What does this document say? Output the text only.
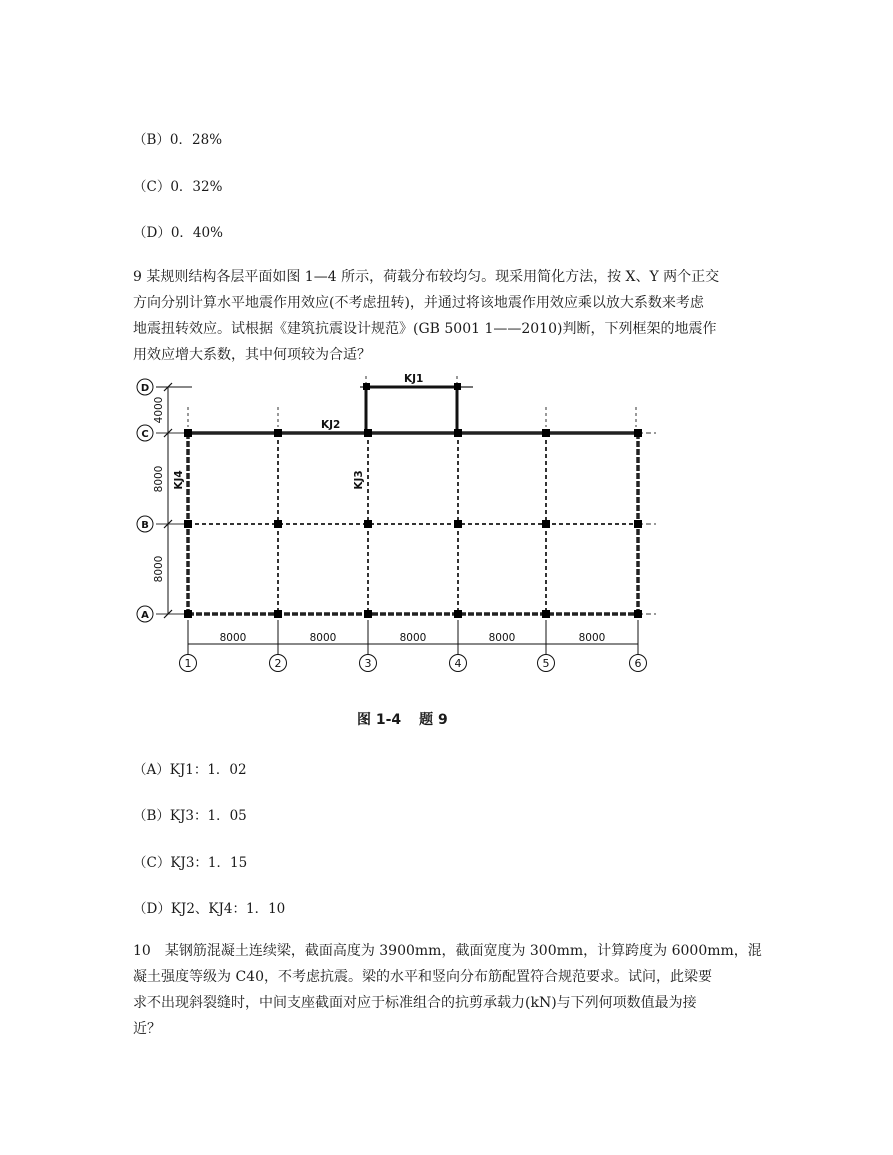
（B）0．28%
（C）0．32%
（D）0．40%
9 某规则结构各层平面如图 1—4 所示，荷载分布较均匀。现采用简化方法，按 X、Y 两个正交
方向分别计算水平地震作用效应(不考虑扭转)，并通过将该地震作用效应乘以放大系数来考虑
地震扭转效应。试根据《建筑抗震设计规范》(GB 5001 1——2010)判断，下列框架的地震作
用效应增大系数，其中何项较为合适？
D
C
B
A
1	2	3	4	5	6
8000	8000	8000	8000	8000
4000
8000
8000
KJ1
KJ2
KJ3
KJ4
图 1-4 题 9
（A）KJ1：1．02
（B）KJ3：1．05
（C）KJ3：1．15
（D）KJ2、KJ4：1．10
10　某钢筋混凝土连续梁，截面高度为 3900mm，截面宽度为 300mm，计算跨度为 6000mm，混
凝土强度等级为 C40，不考虑抗震。梁的水平和竖向分布筋配置符合规范要求。试问，此梁要
求不出现斜裂缝时，中间支座截面对应于标准组合的抗剪承载力(kN)与下列何项数值最为接
近？
